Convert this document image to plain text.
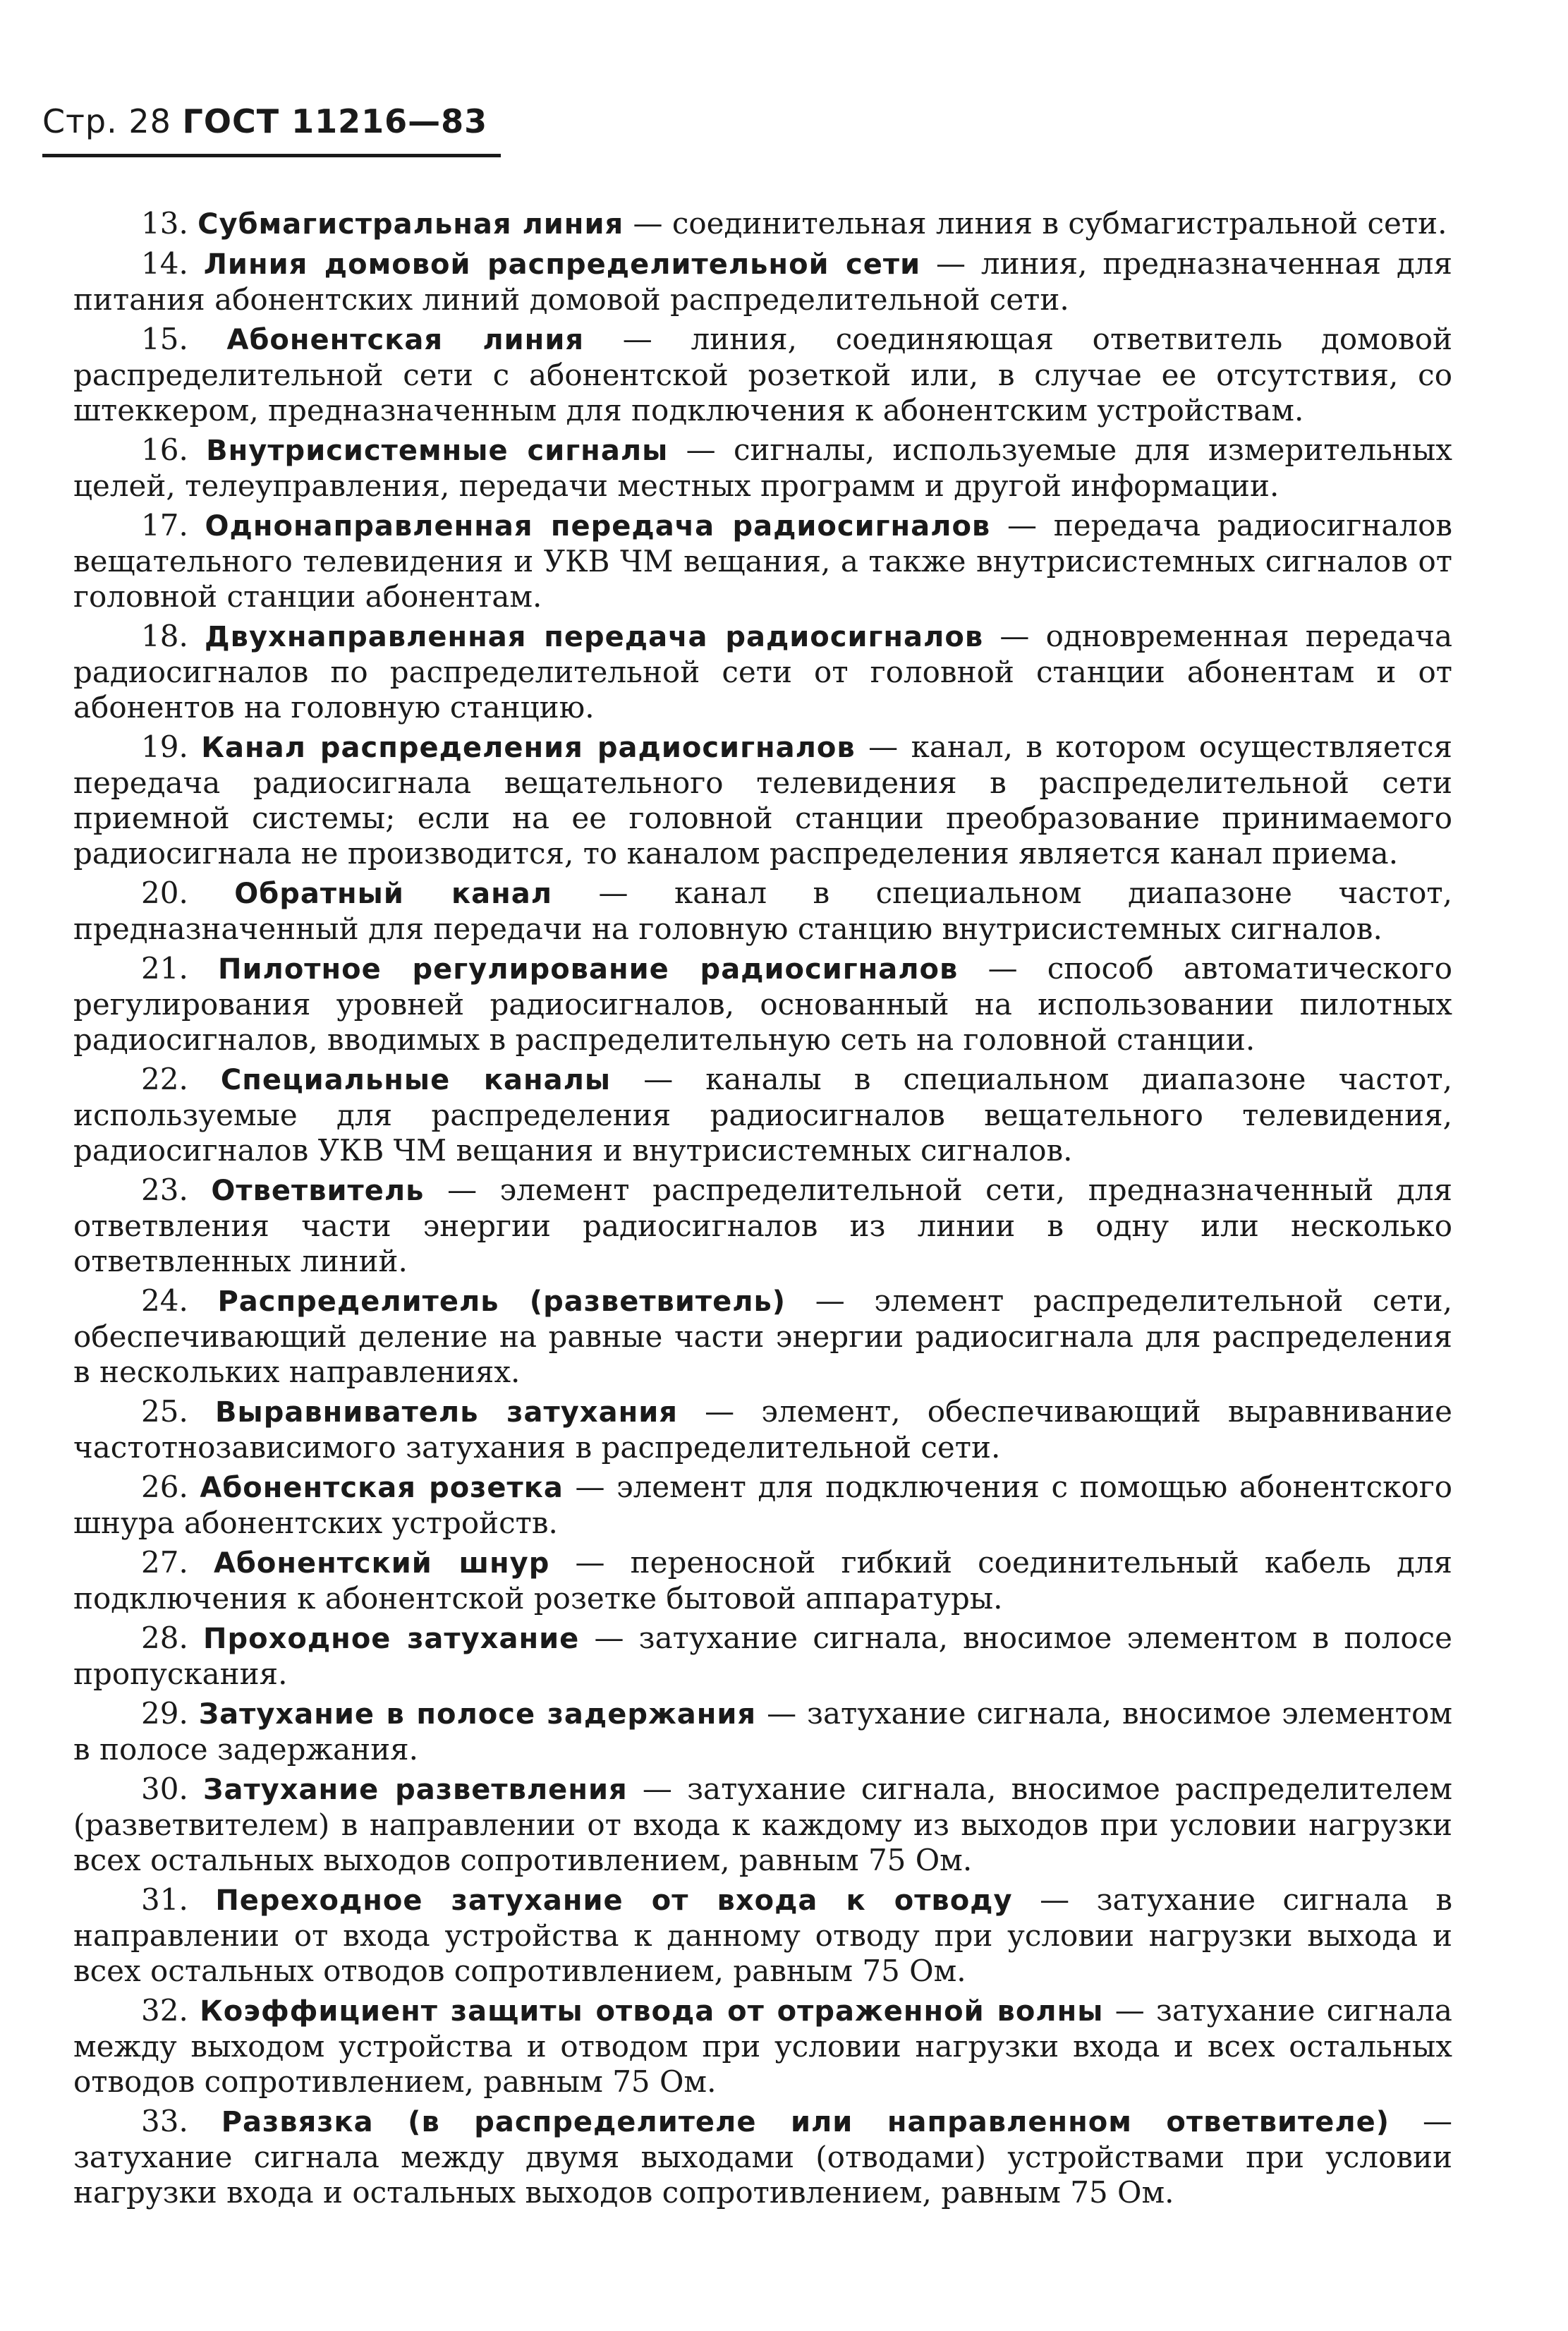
Стр. 28 ГОСТ 11216—83

13. Субмагистральная линия — соединительная линия в субмагистральной сети.

14. Линия домовой распределительной сети — линия, предназначенная для питания абонентских линий домовой распределительной сети.

15. Абонентская линия — линия, соединяющая ответвитель домовой распределительной сети с абонентской розеткой или, в случае ее отсутствия, со штеккером, предназначенным для подключения к абонентским устройствам.

16. Внутрисистемные сигналы — сигналы, используемые для измерительных целей, телеуправления, передачи местных программ и другой информации.

17. Однонаправленная передача радиосигналов — передача радиосигналов вещательного телевидения и УКВ ЧМ вещания, а также внутрисистемных сигналов от головной станции абонентам.

18. Двухнаправленная передача радиосигналов — одновременная передача радиосигналов по распределительной сети от головной станции абонентам и от абонентов на головную станцию.

19. Канал распределения радиосигналов — канал, в котором осуществляется передача радиосигнала вещательного телевидения в распределительной сети приемной системы; если на ее головной станции преобразование принимаемого радиосигнала не производится, то каналом распределения является канал приема.

20. Обратный канал — канал в специальном диапазоне частот, предназначенный для передачи на головную станцию внутрисистемных сигналов.

21. Пилотное регулирование радиосигналов — способ автоматического регулирования уровней радиосигналов, основанный на использовании пилотных радиосигналов, вводимых в распределительную сеть на головной станции.

22. Специальные каналы — каналы в специальном диапазоне частот, используемые для распределения радиосигналов вещательного телевидения, радиосигналов УКВ ЧМ вещания и внутрисистемных сигналов.

23. Ответвитель — элемент распределительной сети, предназначенный для ответвления части энергии радиосигналов из линии в одну или несколько ответвленных линий.

24. Распределитель (разветвитель) — элемент распределительной сети, обеспечивающий деление на равные части энергии радиосигнала для распределения в нескольких направлениях.

25. Выравниватель затухания — элемент, обеспечивающий выравнивание частотнозависимого затухания в распределительной сети.

26. Абонентская розетка — элемент для подключения с помощью абонентского шнура абонентских устройств.

27. Абонентский шнур — переносной гибкий соединительный кабель для подключения к абонентской розетке бытовой аппаратуры.

28. Проходное затухание — затухание сигнала, вносимое элементом в полосе пропускания.

29. Затухание в полосе задержания — затухание сигнала, вносимое элементом в полосе задержания.

30. Затухание разветвления — затухание сигнала, вносимое распределителем (разветвителем) в направлении от входа к каждому из выходов при условии нагрузки всех остальных выходов сопротивлением, равным 75 Ом.

31. Переходное затухание от входа к отводу — затухание сигнала в направлении от входа устройства к данному отводу при условии нагрузки выхода и всех остальных отводов сопротивлением, равным 75 Ом.

32. Коэффициент защиты отвода от отраженной волны — затухание сигнала между выходом устройства и отводом при условии нагрузки входа и всех остальных отводов сопротивлением, равным 75 Ом.

33. Развязка (в распределителе или направленном ответвителе) — затухание сигнала между двумя выходами (отводами) устройствами при условии нагрузки входа и остальных выходов сопротивлением, равным 75 Ом.
